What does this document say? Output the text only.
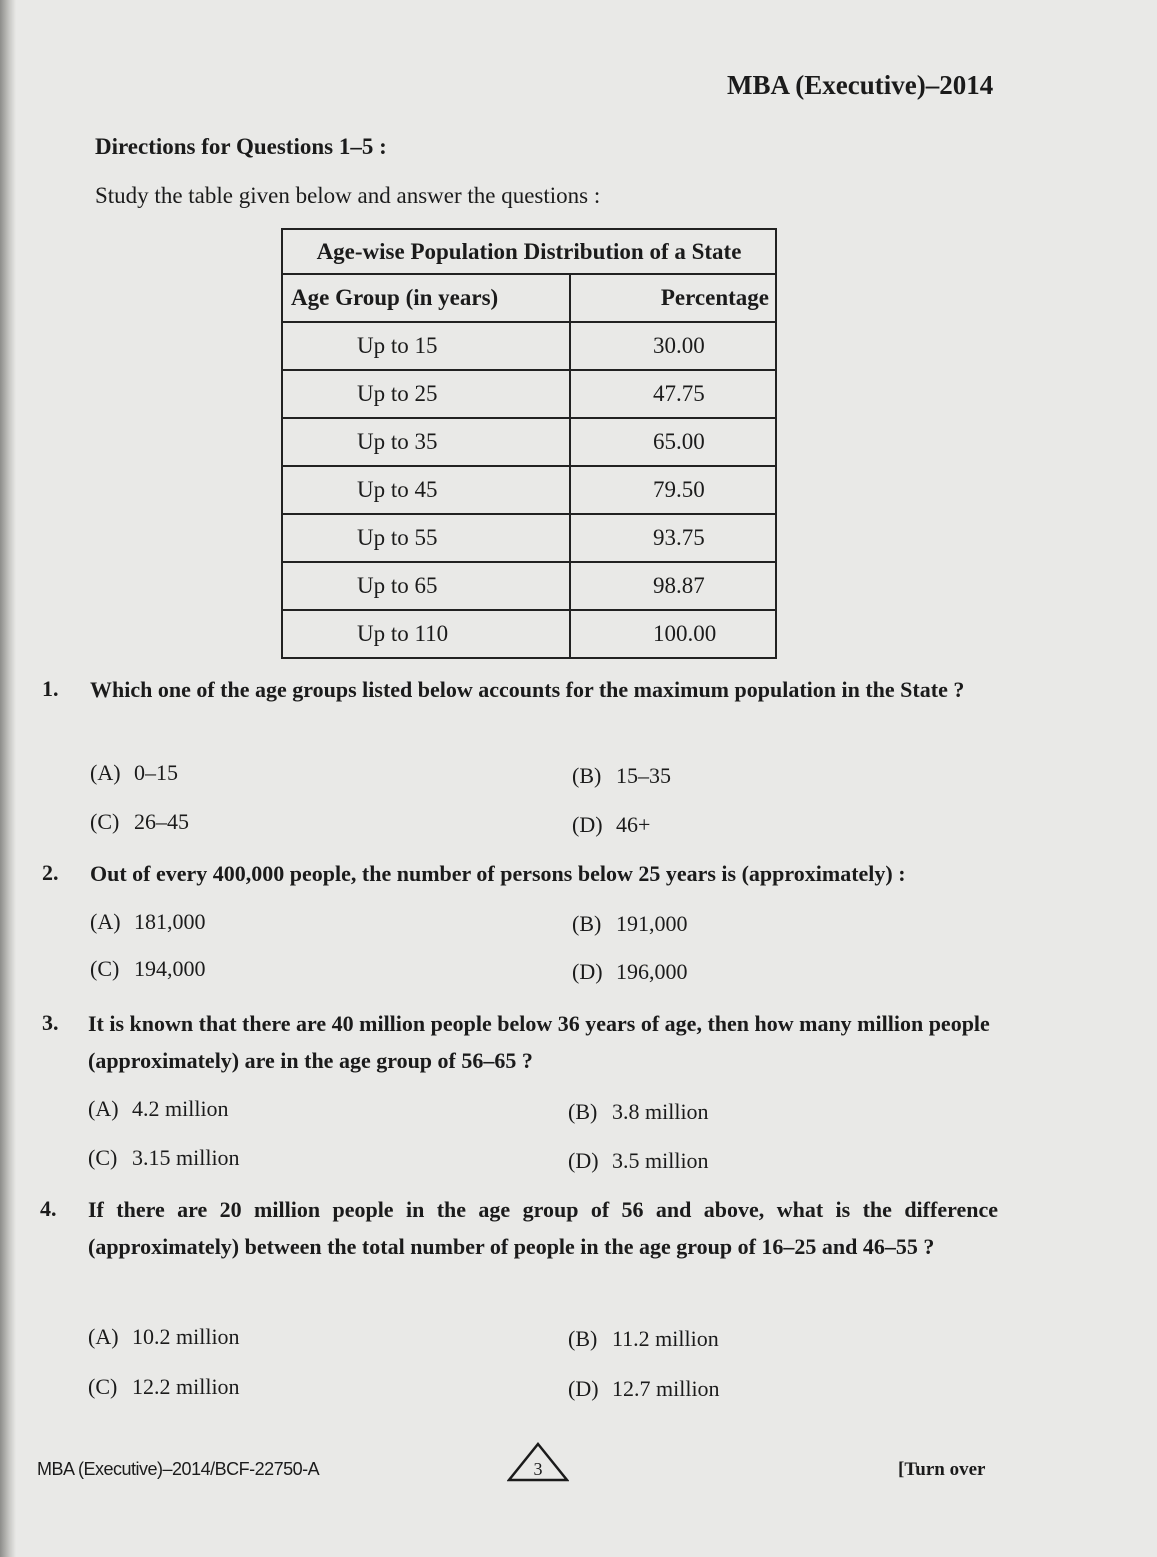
MBA (Executive)–2014
Directions for Questions 1–5 :
Study the table given below and answer the questions :
Age-wise Population Distribution of a State
Age Group (in years)	Percentage
Up to 15	30.00
Up to 25	47.75
Up to 35	65.00
Up to 45	79.50
Up to 55	93.75
Up to 65	98.87
Up to 110	100.00
1. Which one of the age groups listed below accounts for the maximum population in the State ?
(A) 0–15	(B) 15–35
(C) 26–45	(D) 46+
2. Out of every 400,000 people, the number of persons below 25 years is (approximately) :
(A) 181,000	(B) 191,000
(C) 194,000	(D) 196,000
3. It is known that there are 40 million people below 36 years of age, then how many million people (approximately) are in the age group of 56–65 ?
(A) 4.2 million	(B) 3.8 million
(C) 3.15 million	(D) 3.5 million
4. If there are 20 million people in the age group of 56 and above, what is the difference (approximately) between the total number of people in the age group of 16–25 and 46–55 ?
(A) 10.2 million	(B) 11.2 million
(C) 12.2 million	(D) 12.7 million
MBA (Executive)–2014/BCF-22750-A	3	[Turn over
